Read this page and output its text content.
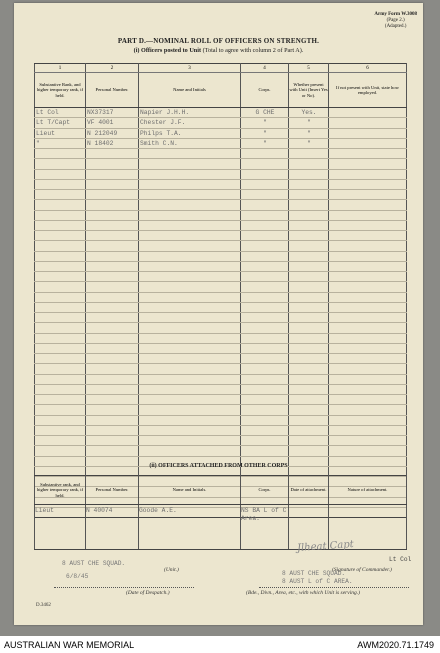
Army Form W.3008
(Page 2.)
(Adapted.)
PART D.—NOMINAL ROLL OF OFFICERS ON STRENGTH.
(i) Officers posted to Unit (Total to agree with column 2 of Part A).
1	2	3	4	5	6
Substantive Rank, and higher temporary rank, if held.	Personal Number.	Name and Initials	Corps.	Whether present with Unit (Insert Yes or No).	If not present with Unit, state how employed.
Lt Col	NX37317	Napier J.H.H.	G CHE	Yes.	
Lt T/Capt	VF 4001	Chester J.F.	"	"	
Lieut	N 212049	Philps T.A.	"	"	
"	N 18402	Smith C.N.	"	"	

(ii) OFFICERS ATTACHED FROM OTHER CORPS
Substantive rank, and higher temporary rank, if held.	Personal Number.	Name and Initials.	Corps.	Date of attachment.	Nature of attachment.
Lieut	N 40074	Goode A.E.	NS BA L of C Area.		
8 AUST CHE SQUAD.
(Unit.)
6/8/45
(Date of Despatch.)
Jlheat Capt
Lt Col
8 AUST CHE SQUAD.
(Signature of Commander.)
8 AUST L of C AREA.
(Bde., Divn., Area, etc., with which Unit is serving.)
D.3462
AUSTRALIAN WAR MEMORIAL	AWM2020.71.1749
